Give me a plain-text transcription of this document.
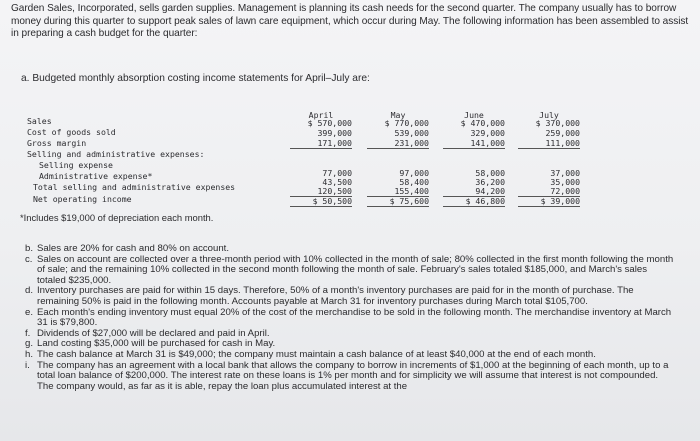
Garden Sales, Incorporated, sells garden supplies. Management is planning its cash needs for the second quarter. The company usually has to borrow money during this quarter to support peak sales of lawn care equipment, which occur during May. The following information has been assembled to assist in preparing a cash budget for the quarter:
a. Budgeted monthly absorption costing income statements for April–July are:
Sales
Cost of goods sold
Gross margin
Selling and administrative expenses:
Selling expense
Administrative expense*
Total selling and administrative expenses
Net operating income
April
$ 570,000
399,000
171,000
77,000
43,500
120,500
$ 50,500
May
$ 770,000
539,000
231,000
97,000
58,400
155,400
$ 75,600
June
$ 470,000
329,000
141,000
58,000
36,200
94,200
$ 46,800
July
$ 370,000
259,000
111,000
37,000
35,000
72,000
$ 39,000
*Includes $19,000 of depreciation each month.
b. Sales are 20% for cash and 80% on account.
c. Sales on account are collected over a three-month period with 10% collected in the month of sale; 80% collected in the first month following the month of sale; and the remaining 10% collected in the second month following the month of sale. February's sales totaled $185,000, and March's sales totaled $235,000.
d. Inventory purchases are paid for within 15 days. Therefore, 50% of a month's inventory purchases are paid for in the month of purchase. The remaining 50% is paid in the following month. Accounts payable at March 31 for inventory purchases during March total $105,700.
e. Each month's ending inventory must equal 20% of the cost of the merchandise to be sold in the following month. The merchandise inventory at March 31 is $79,800.
f. Dividends of $27,000 will be declared and paid in April.
g. Land costing $35,000 will be purchased for cash in May.
h. The cash balance at March 31 is $49,000; the company must maintain a cash balance of at least $40,000 at the end of each month.
i. The company has an agreement with a local bank that allows the company to borrow in increments of $1,000 at the beginning of each month, up to a total loan balance of $200,000. The interest rate on these loans is 1% per month and for simplicity we will assume that interest is not compounded. The company would, as far as it is able, repay the loan plus accumulated interest at the
